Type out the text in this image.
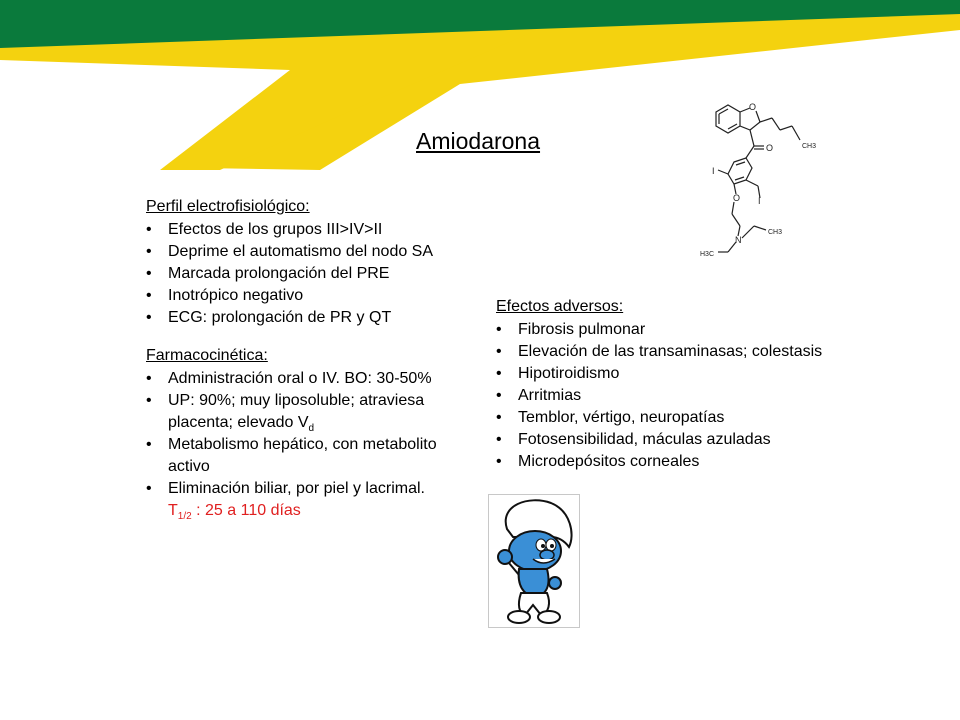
Amiodarona
Perfil electrofisiológico:
• Efectos de los grupos III>IV>II
• Deprime el automatismo del nodo SA
• Marcada prolongación del PRE
• Inotrópico negativo
• ECG: prolongación de PR y QT
Farmacocinética:
• Administración oral o IV. BO: 30-50%
• UP: 90%; muy liposoluble; atraviesa placenta; elevado $V_d$
• Metabolismo hepático, con metabolito activo
• Eliminación biliar, por piel y lacrimal.
$T_{1/2}$ : 25 a 110 días
Efectos adversos:
• Fibrosis pulmonar
• Elevación de las transaminasas; colestasis
• Hipotiroidismo
• Arritmias
• Temblor, vértigo, neuropatías
• Fotosensibilidad, máculas azuladas
• Microdepósitos corneales
O
O
I
I
O
N
CH3
H3C
CH3
